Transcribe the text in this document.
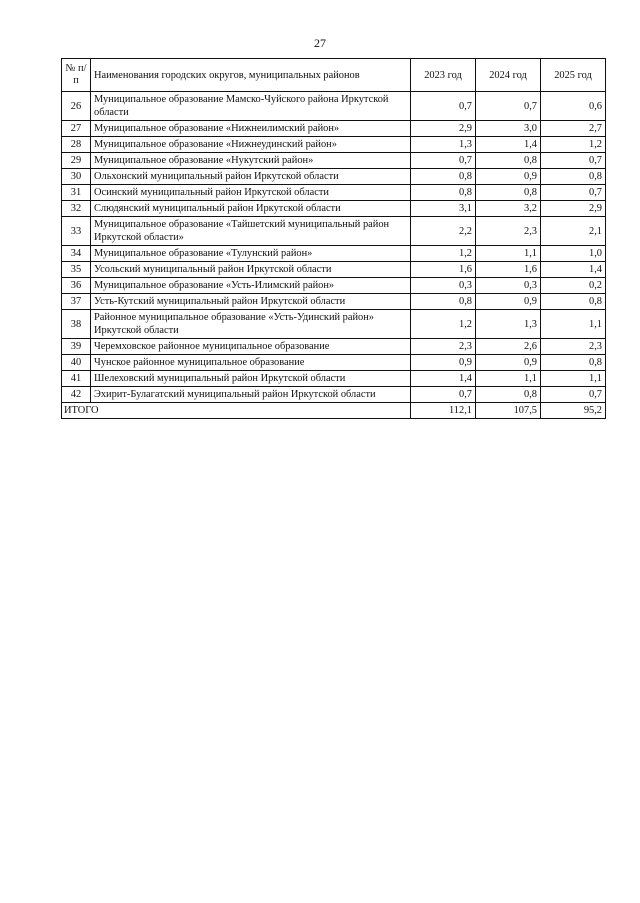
27
№ п/п	Наименования городских округов, муниципальных районов	2023 год	2024 год	2025 год
26	Муниципальное образование Мамско-Чуйского района Иркутской области	0,7	0,7	0,6
27	Муниципальное образование «Нижнеилимский район»	2,9	3,0	2,7
28	Муниципальное образование «Нижнеудинский район»	1,3	1,4	1,2
29	Муниципальное образование «Нукутский район»	0,7	0,8	0,7
30	Ольхонский муниципальный район Иркутской области	0,8	0,9	0,8
31	Осинский муниципальный район Иркутской области	0,8	0,8	0,7
32	Слюдянский муниципальный район Иркутской области	3,1	3,2	2,9
33	Муниципальное образование «Тайшетский муниципальный район Иркутской области»	2,2	2,3	2,1
34	Муниципальное образование «Тулунский район»	1,2	1,1	1,0
35	Усольский муниципальный район Иркутской области	1,6	1,6	1,4
36	Муниципальное образование «Усть-Илимский район»	0,3	0,3	0,2
37	Усть-Кутский муниципальный район Иркутской области	0,8	0,9	0,8
38	Районное муниципальное образование «Усть-Удинский район» Иркутской области	1,2	1,3	1,1
39	Черемховское районное муниципальное образование	2,3	2,6	2,3
40	Чунское районное муниципальное образование	0,9	0,9	0,8
41	Шелеховский муниципальный район Иркутской области	1,4	1,1	1,1
42	Эхирит-Булагатский муниципальный район Иркутской области	0,7	0,8	0,7
ИТОГО		112,1	107,5	95,2
